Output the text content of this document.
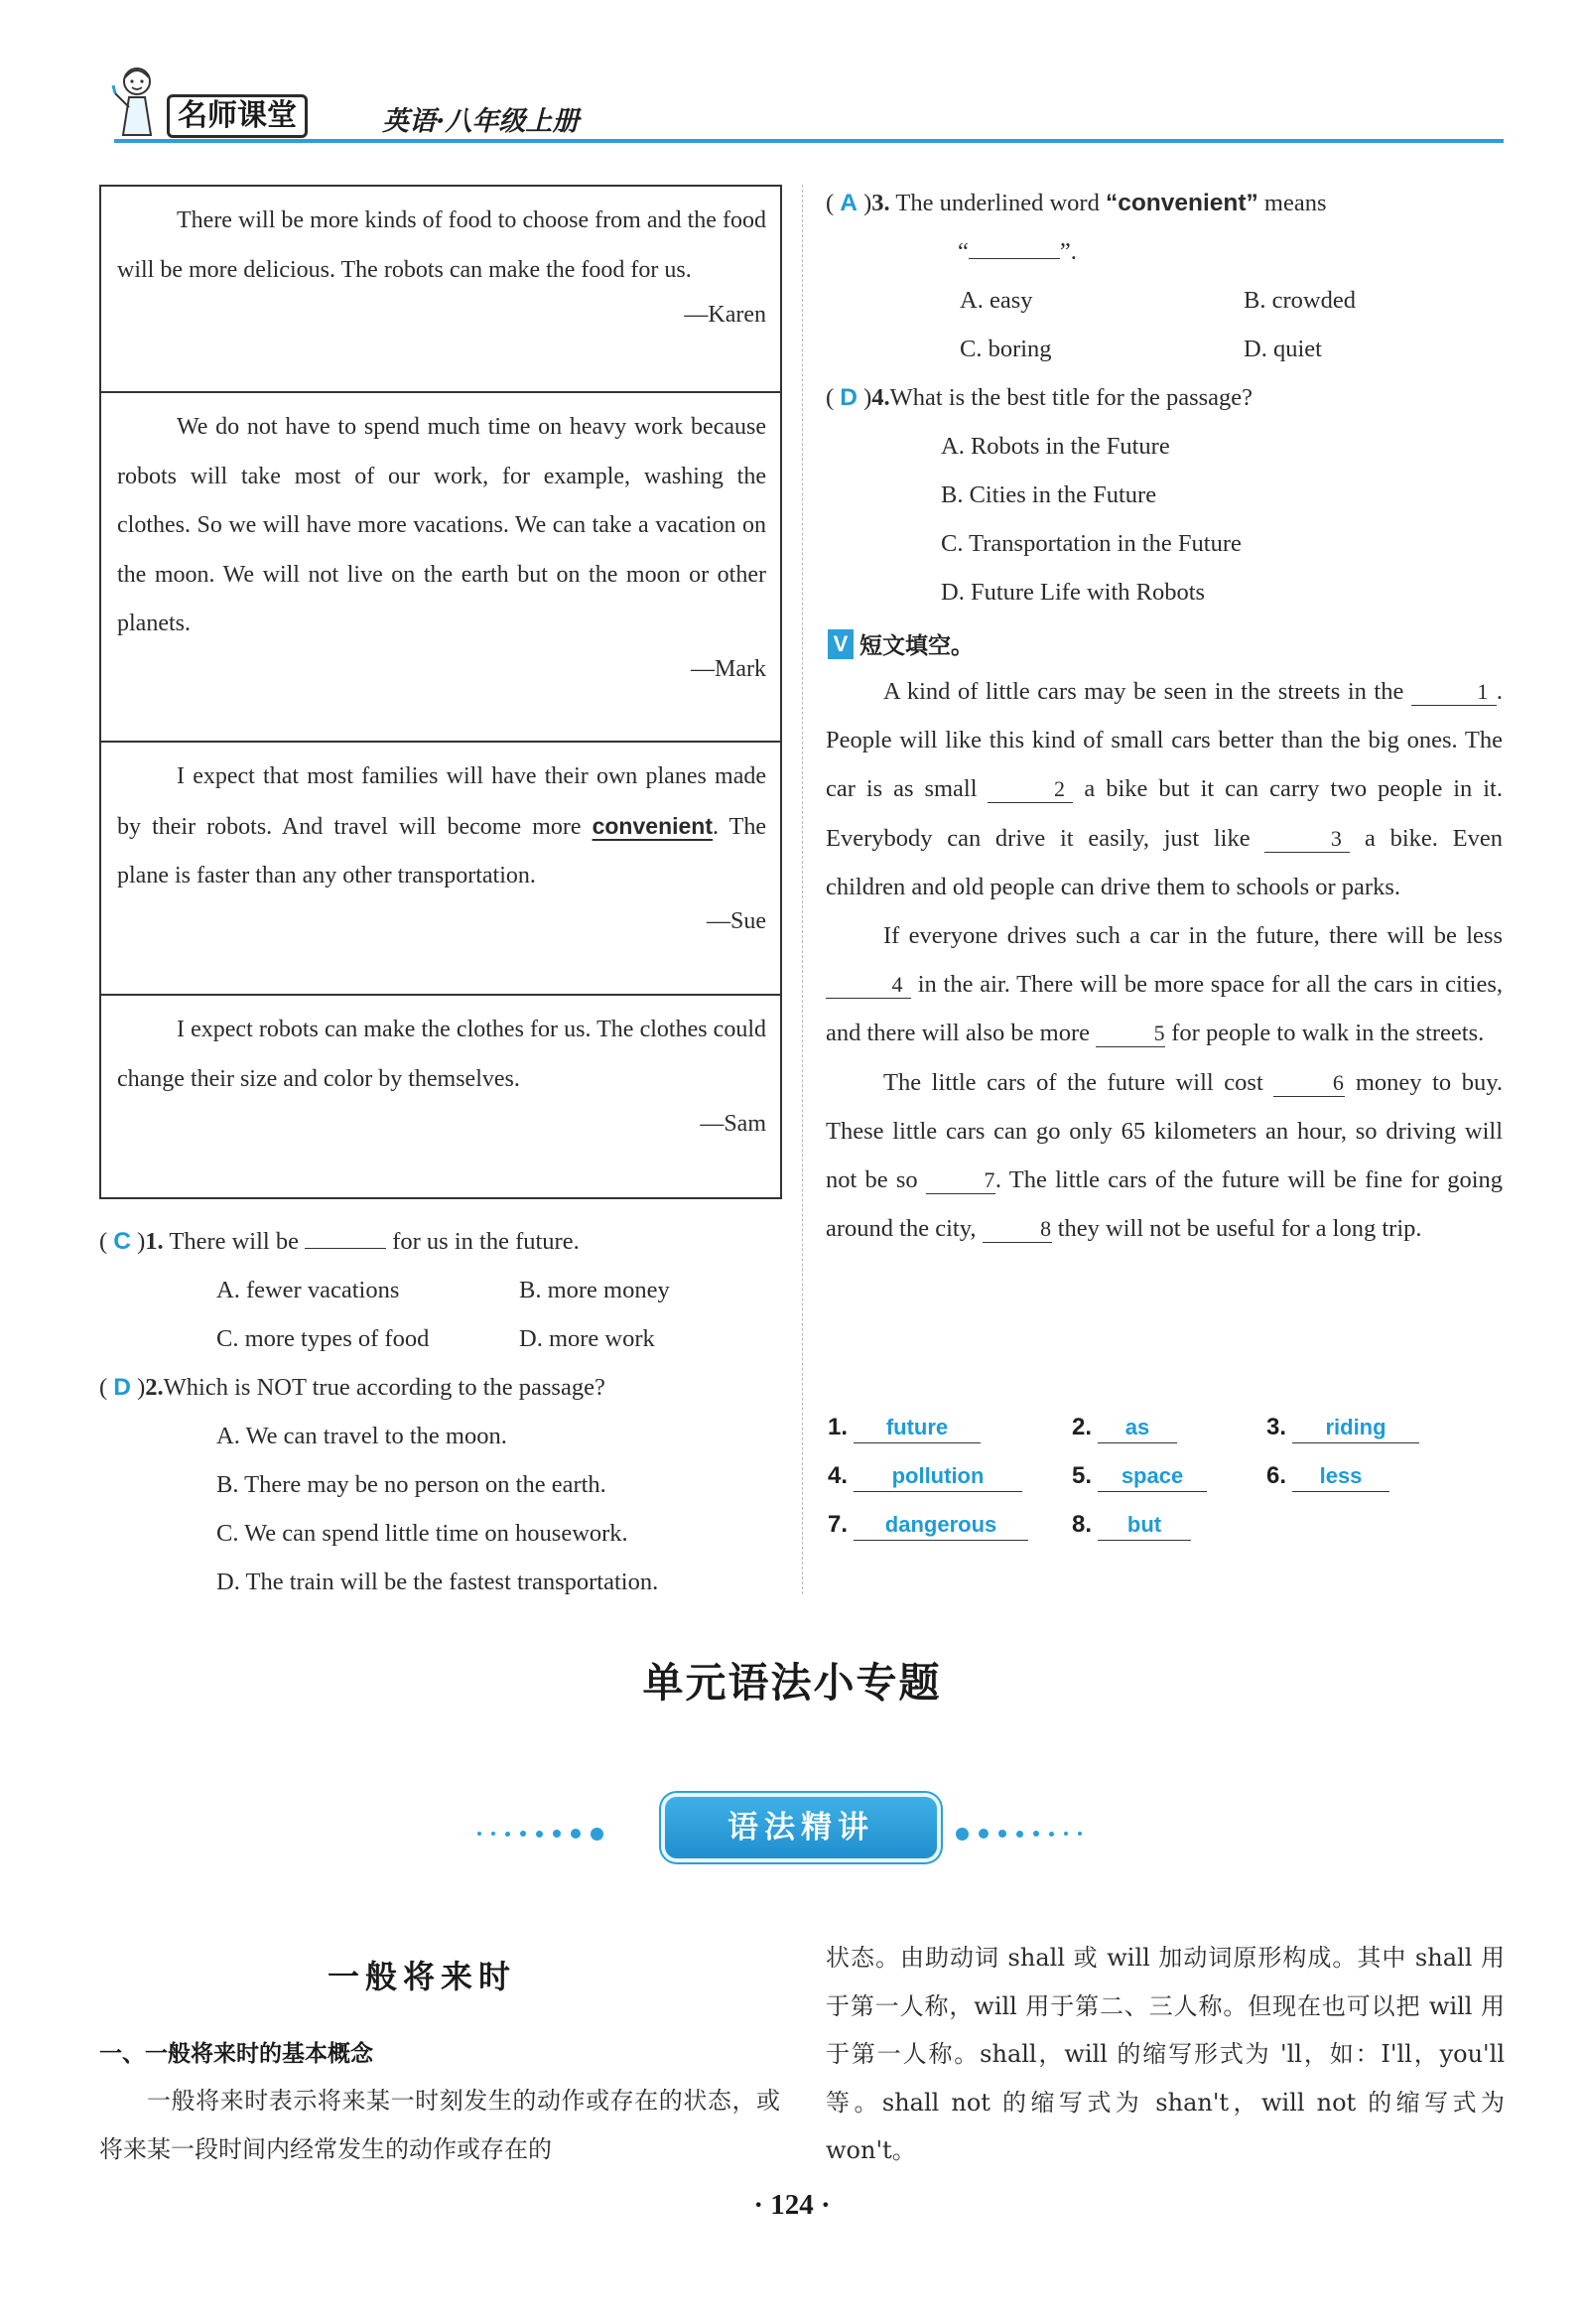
名师课堂	英语·八年级上册

There will be more kinds of food to choose from and the food will be more delicious. The robots can make the food for us.

—Karen

We do not have to spend much time on heavy work because robots will take most of our work, for example, washing the clothes. So we will have more vacations. We can take a vacation on the moon. We will not live on the earth but on the moon or other planets.

—Mark

I expect that most families will have their own planes made by their robots. And travel will become more convenient. The plane is faster than any other transportation.

—Sue

I expect robots can make the clothes for us. The clothes could change their size and color by themselves.

—Sam

( C )1. There will be	for us in the future.
A. fewer vacations	B. more money
C. more types of food	D. more work
( D )2.Which is NOT true according to the passage?
A. We can travel to the moon.
B. There may be no person on the earth.
C. We can spend little time on housework.
D. The train will be the fastest transportation.
( A )3. The underlined word “convenient” means
“	”.
A. easy	B. crowded
C. boring	D. quiet
( D )4.What is the best title for the passage?
A. Robots in the Future
B. Cities in the Future
C. Transportation in the Future
D. Future Life with Robots
V 短文填空。

A kind of little cars may be seen in the streets in the	1 . People will like this kind of small cars better than the big ones. The car is as small	2 a bike but it can carry two people in it. Everybody can drive it easily, just like	3 a bike. Even children and old people can drive them to schools or parks.

If everyone drives such a car in the future, there will be less 4 in the air. There will be more space for all the cars in cities, and there will also be more	5 for people to walk in the streets.

The little cars of the future will cost	6 money to buy. These little cars can go only 65 kilometers an hour, so driving will not be so	7. The little cars of the future will be fine for going around the city,	8 they will not be useful for a long trip.

1. future	2. as	3. riding
4. pollution	5. space	6. less
7. dangerous	8. but
单元语法小专题
语法精讲
一般将来时
一、一般将来时的基本概念
一般将来时表示将来某一时刻发生的动作或存在的状态，或将来某一段时间内经常发生的动作或存在的
状态。由助动词 shall 或 will 加动词原形构成。其中 shall 用于第一人称，will 用于第二、三人称。但现在也可以把 will 用于第一人称。shall，will 的缩写形式为 'll，如：I'll，you'll 等。shall not 的缩写式为 shan't，will not 的缩写式为 won't。
· 124 ·
